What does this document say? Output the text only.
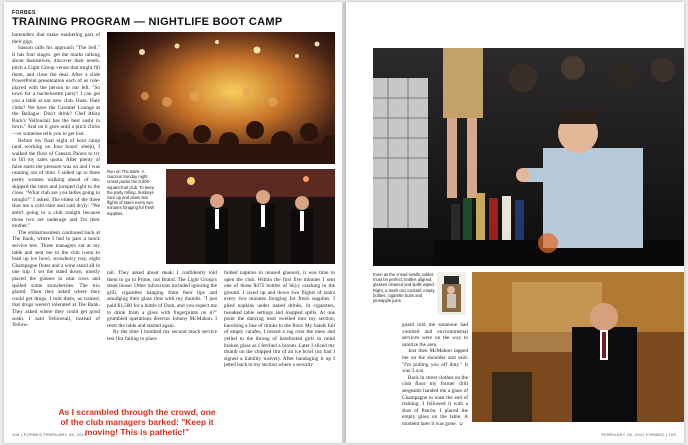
FORBES
TRAINING PROGRAM — NIGHTLIFE BOOT CAMP

bartenders that make marketing part of their gigs.

Sasson calls his approach "The Sell." It has four stages: get the marks talking about themselves, discover their needs, pitch a Light Group venue that might fill them, and close the deal. After a slide PowerPoint presentation each of us role-played with the person to our left. "So town for a bachelorette party? I can get you a table at our new club, Haze. Hate clubs? We have the Caramel Lounge at the Bellagio. Don't drink? Chef Akira Back's Yellowtail has the best sushi in town." And on it goes until a pitch clicks—or someone tells you to get lost.

Before my final night of boot camp (and working on four hours' sleep), I walked the floor of Caesars Palace to try to fill my sales quota. After plenty of false starts the pressure was on and I was running out of time. I sidled up to three pretty women walking ahead of me, skipped the intro and jumped right to the close. "What club are you ladies going to tonight?" I asked. The eldest of the three shot me a cold stare and said dryly: "We aren't going to a club tonight because those two are underage and I'm their mother."

The embarrassment continued back at The Bank, where I had to pass a mock service test. Three managers sat at my table and sent me to the club room to load up ice bowl, strawberry tray, eight Champagne flutes and a wine stand all in one trip. I set the stand down, mostly placed the glasses in neat rows and spilled some strawberries. The trio glared. Then they asked where they could get drugs. I told them, as trained, that drugs weren't tolerated at The Bank. They asked where they could get good sushi. I said Yellowtail, instead of Yellow-

Run on The Bank: A raucous Sunday night crowd packs the 8,000-square-foot club. To keep the party rolling, busboys race up and down two flights of stairs every two minutes foraging for fresh supplies.

tail. They asked about steak; I confidently told them to go to Prime, not Brand. The Light Group's steak house. Other infractions included ignoring the grill, cigarettes hanging from their lips and smudging their glass rims with my thumbs. "I just paid $1,500 for a bottle of Dom, and you expect me to drink from a glass with fingerprints on it?" grumbled operations director Johnny McMahon. I reset the table and started again.

By the time I bombed my second mock service test (for failing to place

folded napkins in unused glasses), it was time to open the club. Within the first five minutes I sent one of those $475 bottles of Skyy crashing to the ground. I raced up and down two flights of stairs every two minutes foraging for fresh supplies. I piled napkins under naked drinks, lit cigarettes, tweaked table settings and mopped spills. At one point the dancing mob swelled into my section, knocking a line of drinks to the floor. My hands full of empty carafes, I tossed a rag over the mess and yelled to the throng of barefooted girls to mind broken glass as I fetched a broom. Later I sliced my thumb on the chipped rim of an ice bowl (no bad I signed a liability waiver). After bandaging it up I jetted back to my section where a security

As I scrambled through the crowd, one of the club managers barked: "Keep it moving! This is pathetic!"
108 | FORBES FEBRUARY 28, 2011
Even as the crowd swells, tables must be perfect: bottles aligned, glasses cleaned and spills wiped. Right, a trash can cocktail: empty bottles, cigarette butts and pineapple juice.

guard told me someone had vomited and environmental services were on the way to sanitize the area.

Just then McMahon tapped me on the shoulder and said: "I'm pulling you off duty." It was 3 a.m.

Back in street clothes on the club floor my former drill sergeants handed me a glass of Champagne to toast the end of training. I followed it with a shot of Patrón. I placed the empty glass on the table. A moment later it was gone. ☺

FEBRUARY 28, 2011 FORBES | 109
